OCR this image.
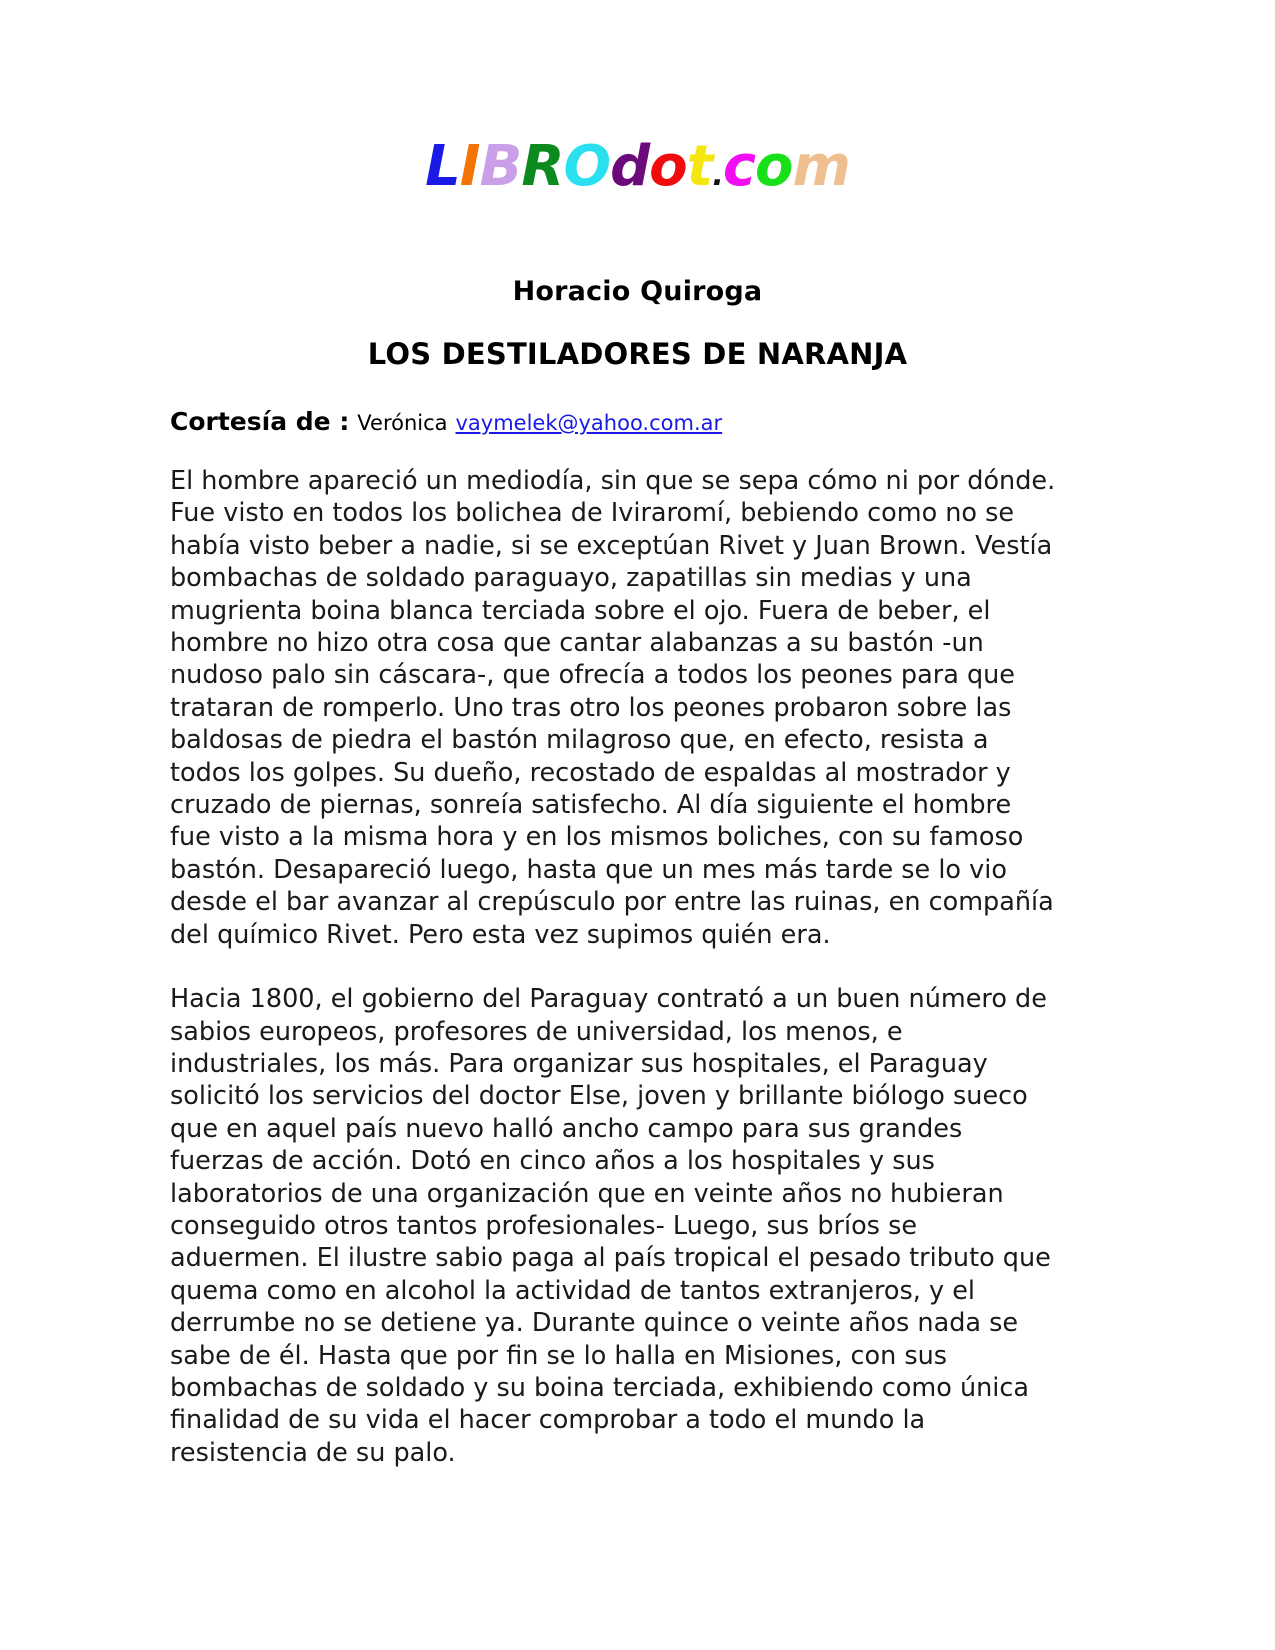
LIBROdot.com
Horacio Quiroga
LOS DESTILADORES DE NARANJA
Cortesía de : Verónica vaymelek@yahoo.com.ar

El hombre apareció un mediodía, sin que se sepa cómo ni por dónde. Fue visto en todos los bolichea de Iviraromí, bebiendo como no se había visto beber a nadie, si se exceptúan Rivet y Juan Brown. Vestía bombachas de soldado paraguayo, zapatillas sin medias y una mugrienta boina blanca terciada sobre el ojo. Fuera de beber, el hombre no hizo otra cosa que cantar alabanzas a su bastón -un nudoso palo sin cáscara-, que ofrecía a todos los peones para que trataran de romperlo. Uno tras otro los peones probaron sobre las baldosas de piedra el bastón milagroso que, en efecto, resista a todos los golpes. Su dueño, recostado de espaldas al mostrador y cruzado de piernas, sonreía satisfecho. Al día siguiente el hombre fue visto a la misma hora y en los mismos boliches, con su famoso bastón. Desapareció luego, hasta que un mes más tarde se lo vio desde el bar avanzar al crepúsculo por entre las ruinas, en compañía del químico Rivet. Pero esta vez supimos quién era.

Hacia 1800, el gobierno del Paraguay contrató a un buen número de sabios europeos, profesores de universidad, los menos, e industriales, los más. Para organizar sus hospitales, el Paraguay solicitó los servicios del doctor Else, joven y brillante biólogo sueco que en aquel país nuevo halló ancho campo para sus grandes fuerzas de acción. Dotó en cinco años a los hospitales y sus laboratorios de una organización que en veinte años no hubieran conseguido otros tantos profesionales- Luego, sus bríos se aduermen. El ilustre sabio paga al país tropical el pesado tributo que quema como en alcohol la actividad de tantos extranjeros, y el derrumbe no se detiene ya. Durante quince o veinte años nada se sabe de él. Hasta que por fin se lo halla en Misiones, con sus bombachas de soldado y su boina terciada, exhibiendo como única finalidad de su vida el hacer comprobar a todo el mundo la resistencia de su palo.
